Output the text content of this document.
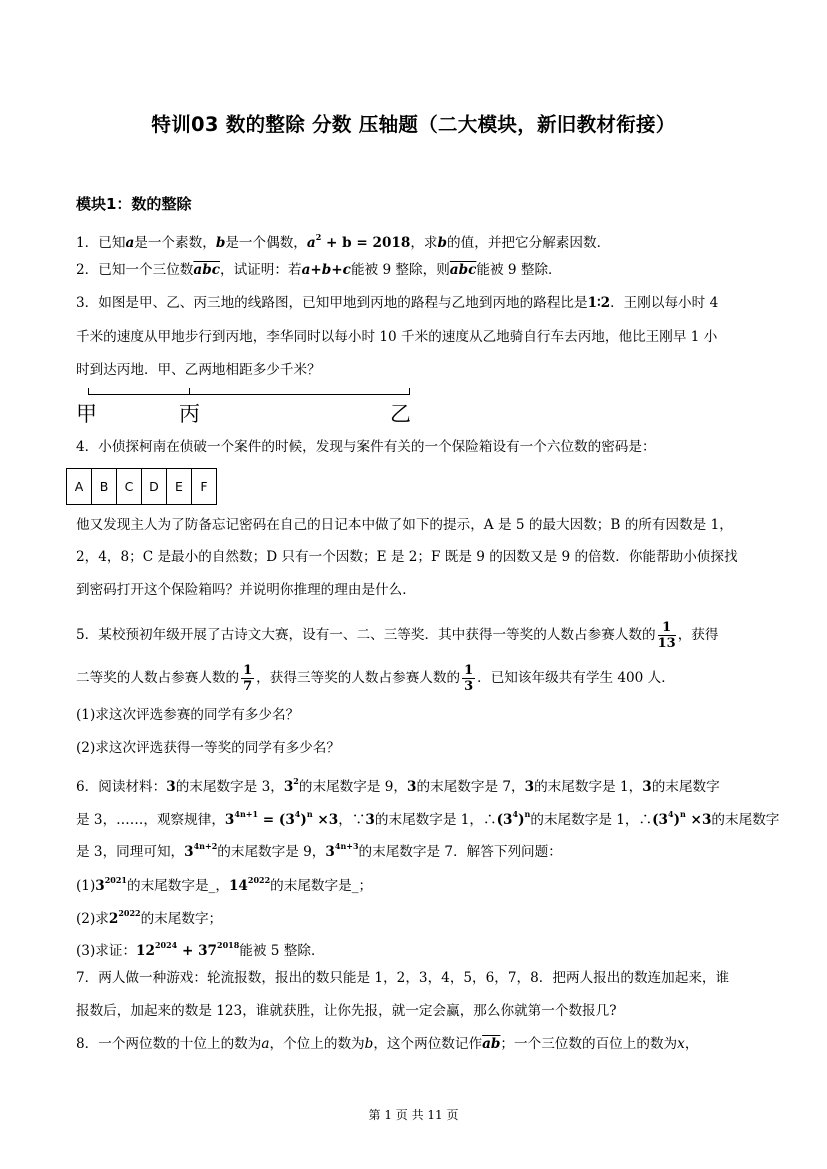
特训03 数的整除 分数 压轴题（二大模块，新旧教材衔接）
模块1：数的整除
1．已知a是一个素数，b是一个偶数，$a^2 + b = 2018$，求b的值，并把它分解素因数．
2．已知一个三位数$\overline{abc}$，试证明：若a+b+c能被 9 整除，则$\overline{abc}$能被 9 整除．
3．如图是甲、乙、丙三地的线路图，已知甲地到丙地的路程与乙地到丙地的路程比是1∶2．王刚以每小时 4
千米的速度从甲地步行到丙地，李华同时以每小时 10 千米的速度从乙地骑自行车去丙地，他比王刚早 1 小
时到达丙地．甲、乙两地相距多少千米？
甲	丙	乙
4．小侦探柯南在侦破一个案件的时候，发现与案件有关的一个保险箱设有一个六位数的密码是：
A	B	C	D	E	F
他又发现主人为了防备忘记密码在自己的日记本中做了如下的提示，A 是 5 的最大因数；B 的所有因数是 1，
2，4，8；C 是最小的自然数；D 只有一个因数；E 是 2；F 既是 9 的因数又是 9 的倍数．你能帮助小侦探找
到密码打开这个保险箱吗？并说明你推理的理由是什么．
5．某校预初年级开展了古诗文大赛，设有一、二、三等奖．其中获得一等奖的人数占参赛人数的 $\frac{1}{13}$ ，获得
二等奖的人数占参赛人数的 $\frac{1}{7}$ ，获得三等奖的人数占参赛人数的 $\frac{1}{3}$ ．已知该年级共有学生 400 人．
(1)求这次评选参赛的同学有多少名？
(2)求这次评选获得一等奖的同学有多少名？
6．阅读材料：3的末尾数字是 3，$3^2$的末尾数字是 9，3的末尾数字是 7，3的末尾数字是 1，3的末尾数字
是 3，……，观察规律，$3^{4n+1} = (3^4)^n \times 3$，∵3的末尾数字是 1，$\therefore(3^4)^n$的末尾数字是 1，$\therefore(3^4)^n \times 3$的末尾数字
是 3，同理可知，$3^{4n+2}$的末尾数字是 9，$3^{4n+3}$的末尾数字是 7．解答下列问题：
$(1)3^{2021}$的末尾数字是_，$14^{2022}$的末尾数字是_；
(2)求$2^{2022}$的末尾数字；
(3)求证：$12^{2024} + 37^{2018}$能被 5 整除．
7．两人做一种游戏：轮流报数，报出的数只能是 1，2，3，4，5，6，7，8．把两人报出的数连加起来，谁
报数后，加起来的数是 123，谁就获胜，让你先报，就一定会赢，那么你就第一个数报几?
8．一个两位数的十位上的数为a，个位上的数为b，这个两位数记作$\overline{ab}$；一个三位数的百位上的数为x，
第 1 页 共 11 页
